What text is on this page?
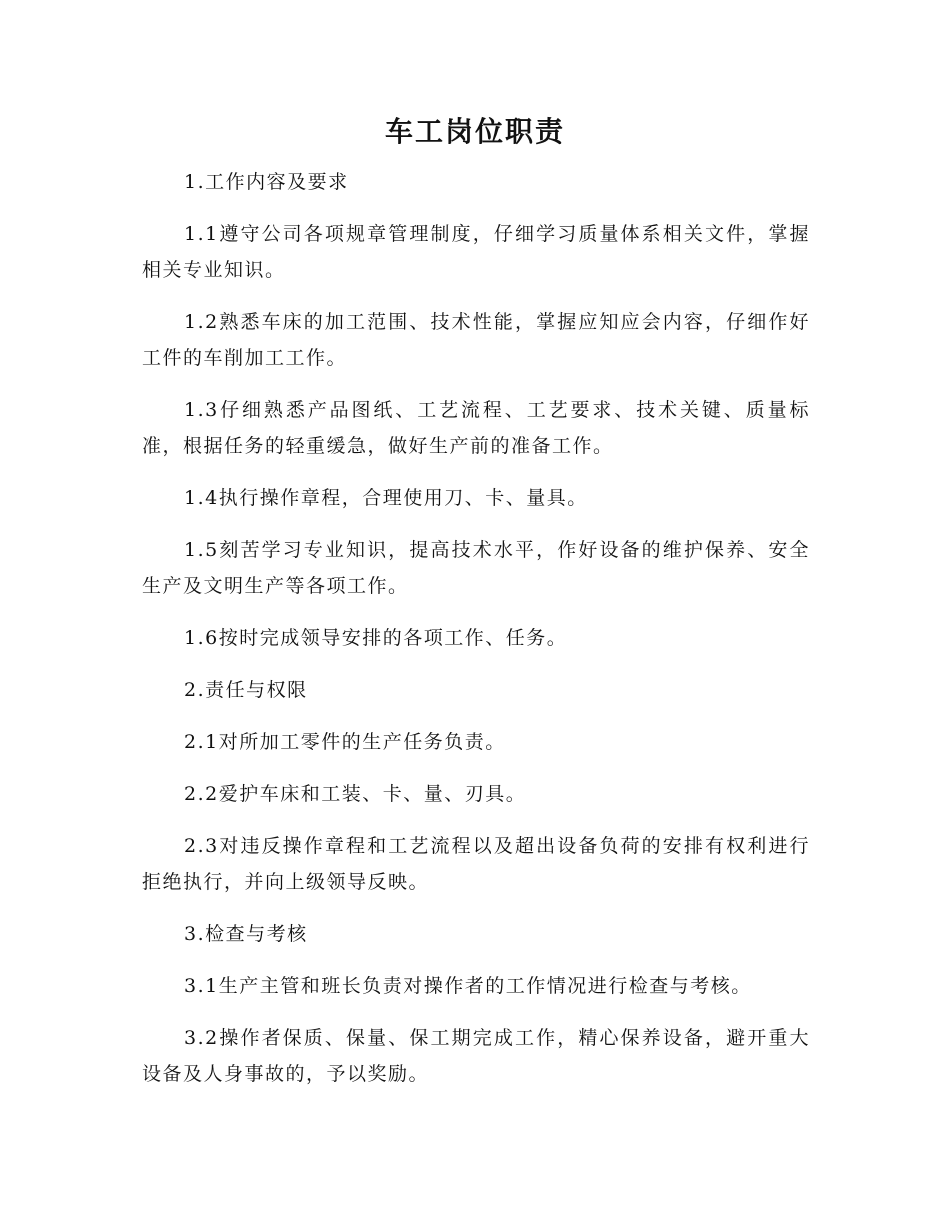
车工岗位职责

1.工作内容及要求

1.1遵守公司各项规章管理制度，仔细学习质量体系相关文件，掌握相关专业知识。

1.2熟悉车床的加工范围、技术性能，掌握应知应会内容，仔细作好工件的车削加工工作。

1.3仔细熟悉产品图纸、工艺流程、工艺要求、技术关键、质量标准，根据任务的轻重缓急，做好生产前的准备工作。

1.4执行操作章程，合理使用刀、卡、量具。

1.5刻苦学习专业知识，提高技术水平，作好设备的维护保养、安全生产及文明生产等各项工作。

1.6按时完成领导安排的各项工作、任务。

2.责任与权限

2.1对所加工零件的生产任务负责。

2.2爱护车床和工装、卡、量、刃具。

2.3对违反操作章程和工艺流程以及超出设备负荷的安排有权利进行拒绝执行，并向上级领导反映。

3.检查与考核

3.1生产主管和班长负责对操作者的工作情况进行检查与考核。

3.2操作者保质、保量、保工期完成工作，精心保养设备，避开重大设备及人身事故的，予以奖励。
